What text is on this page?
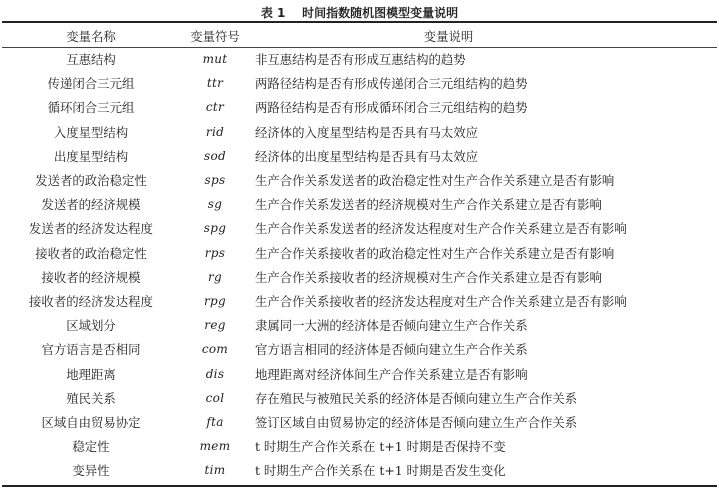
表 1    时间指数随机图模型变量说明
变量名称	变量符号	变量说明
互惠结构	mut	非互惠结构是否有形成互惠结构的趋势
传递闭合三元组	ttr	两路径结构是否有形成传递闭合三元组结构的趋势
循环闭合三元组	ctr	两路径结构是否有形成循环闭合三元组结构的趋势
入度星型结构	rid	经济体的入度星型结构是否具有马太效应
出度星型结构	sod	经济体的出度星型结构是否具有马太效应
发送者的政治稳定性	sps	生产合作关系发送者的政治稳定性对生产合作关系建立是否有影响
发送者的经济规模	sg	生产合作关系发送者的经济规模对生产合作关系建立是否有影响
发送者的经济发达程度	spg	生产合作关系发送者的经济发达程度对生产合作关系建立是否有影响
接收者的政治稳定性	rps	生产合作关系接收者的政治稳定性对生产合作关系建立是否有影响
接收者的经济规模	rg	生产合作关系接收者的经济规模对生产合作关系建立是否有影响
接收者的经济发达程度	rpg	生产合作关系接收者的经济发达程度对生产合作关系建立是否有影响
区域划分	reg	隶属同一大洲的经济体是否倾向建立生产合作关系
官方语言是否相同	com	官方语言相同的经济体是否倾向建立生产合作关系
地理距离	dis	地理距离对经济体间生产合作关系建立是否有影响
殖民关系	col	存在殖民与被殖民关系的经济体是否倾向建立生产合作关系
区域自由贸易协定	fta	签订区域自由贸易协定的经济体是否倾向建立生产合作关系
稳定性	mem	t 时期生产合作关系在 t+1 时期是否保持不变
变异性	tim	t 时期生产合作关系在 t+1 时期是否发生变化
